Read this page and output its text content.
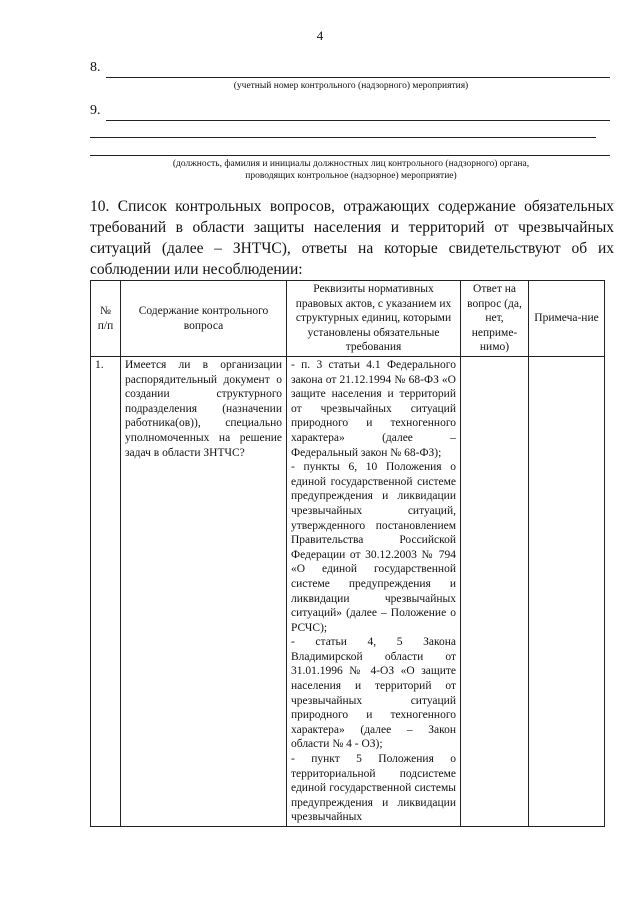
4
8.
(учетный номер контрольного (надзорного) мероприятия)
9.
(должность, фамилия и инициалы должностных лиц контрольного (надзорного) органа,
проводящих контрольное (надзорное) мероприятие)
10. Список контрольных вопросов, отражающих содержание обязательных требований в области защиты населения и территорий от чрезвычайных ситуаций (далее – ЗНТЧС), ответы на которые свидетельствуют об их соблюдении или несоблюдении:
№ п/п	Содержание контрольного вопроса	Реквизиты нормативных правовых актов, с указанием их структурных единиц, которыми установлены обязательные требования	Ответ на вопрос (да, нет, неприме-нимо)	Примеча-ние
1.	Имеется ли в организации распорядительный документ о создании структурного подразделения (назначении работника(ов)), специально уполномоченных на решение задач в области ЗНТЧС?	- п. 3 статьи 4.1 Федерального закона от 21.12.1994 № 68-ФЗ «О защите населения и территорий от чрезвычайных ситуаций природного и техногенного характера» (далее – Федеральный закон № 68-ФЗ);
- пункты 6, 10 Положения о единой государственной системе предупреждения и ликвидации чрезвычайных ситуаций, утвержденного постановлением Правительства Российской Федерации от 30.12.2003 № 794 «О единой государственной системе предупреждения и ликвидации чрезвычайных ситуаций» (далее – Положение о РСЧС);
- статьи 4, 5 Закона Владимирской области от 31.01.1996 № 4-ОЗ «О защите населения и территорий от чрезвычайных ситуаций природного и техногенного характера» (далее – Закон области № 4 - ОЗ);
- пункт 5 Положения о территориальной подсистеме единой государственной системы предупреждения и ликвидации чрезвычайных		
